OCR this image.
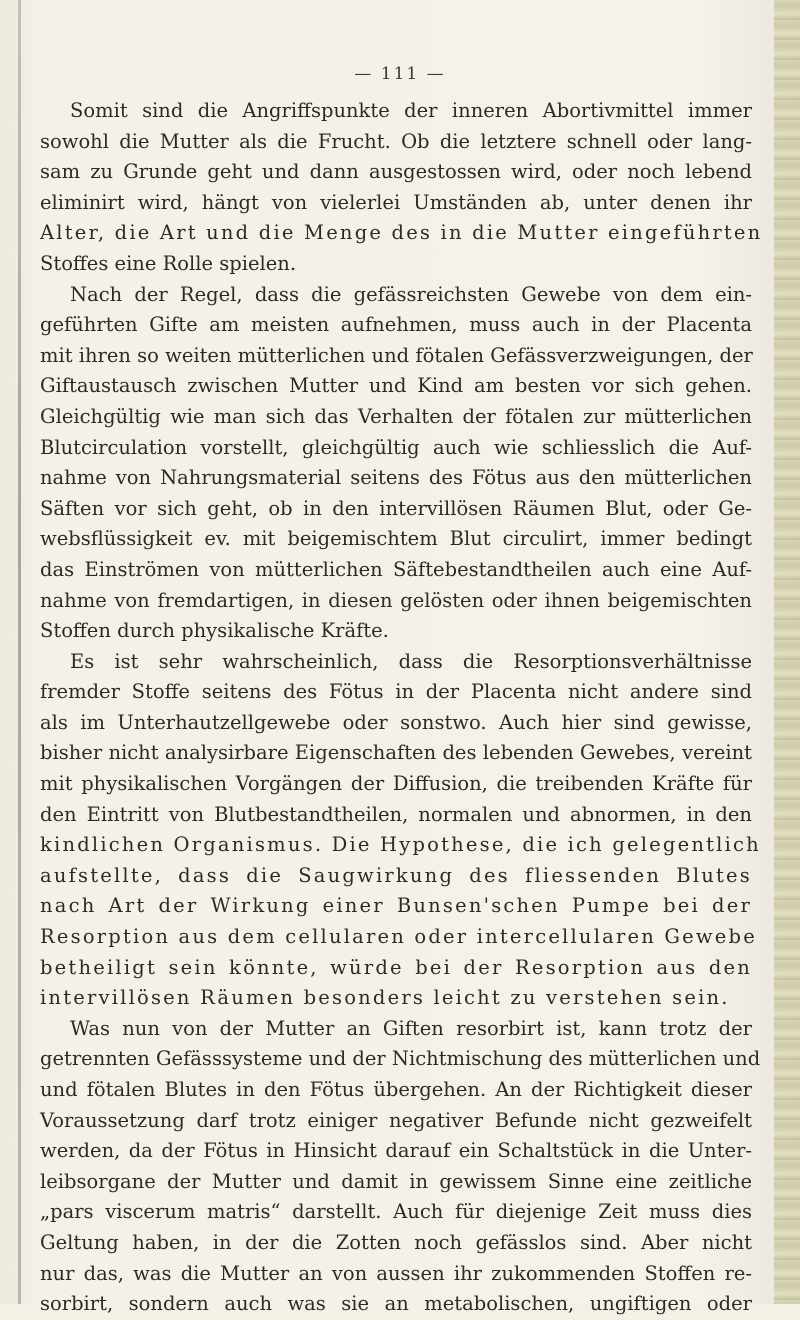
— 111 —
Somit sind die Angriffspunkte der inneren Abortivmittel immer
sowohl die Mutter als die Frucht. Ob die letztere schnell oder lang-
sam zu Grunde geht und dann ausgestossen wird, oder noch lebend
eliminirt wird, hängt von vielerlei Umständen ab, unter denen ihr
Alter, die Art und die Menge des in die Mutter eingeführten
Stoffes eine Rolle spielen.
Nach der Regel, dass die gefässreichsten Gewebe von dem ein-
geführten Gifte am meisten aufnehmen, muss auch in der Placenta
mit ihren so weiten mütterlichen und fötalen Gefässverzweigungen, der
Giftaustausch zwischen Mutter und Kind am besten vor sich gehen.
Gleichgültig wie man sich das Verhalten der fötalen zur mütterlichen
Blutcirculation vorstellt, gleichgültig auch wie schliesslich die Auf-
nahme von Nahrungsmaterial seitens des Fötus aus den mütterlichen
Säften vor sich geht, ob in den intervillösen Räumen Blut, oder Ge-
websflüssigkeit ev. mit beigemischtem Blut circulirt, immer bedingt
das Einströmen von mütterlichen Säftebestandtheilen auch eine Auf-
nahme von fremdartigen, in diesen gelösten oder ihnen beigemischten
Stoffen durch physikalische Kräfte.
Es ist sehr wahrscheinlich, dass die Resorptionsverhältnisse
fremder Stoffe seitens des Fötus in der Placenta nicht andere sind
als im Unterhautzellgewebe oder sonstwo. Auch hier sind gewisse,
bisher nicht analysirbare Eigenschaften des lebenden Gewebes, vereint
mit physikalischen Vorgängen der Diffusion, die treibenden Kräfte für
den Eintritt von Blutbestandtheilen, normalen und abnormen, in den
kindlichen Organismus. Die Hypothese, die ich gelegentlich
aufstellte, dass die Saugwirkung des fliessenden Blutes
nach Art der Wirkung einer Bunsen'schen Pumpe bei der
Resorption aus dem cellularen oder intercellularen Gewebe
betheiligt sein könnte, würde bei der Resorption aus den
intervillösen Räumen besonders leicht zu verstehen sein.
Was nun von der Mutter an Giften resorbirt ist, kann trotz der
getrennten Gefässsysteme und der Nichtmischung des mütterlichen und
und fötalen Blutes in den Fötus übergehen. An der Richtigkeit dieser
Voraussetzung darf trotz einiger negativer Befunde nicht gezweifelt
werden, da der Fötus in Hinsicht darauf ein Schaltstück in die Unter-
leibsorgane der Mutter und damit in gewissem Sinne eine zeitliche
„pars viscerum matris“ darstellt. Auch für diejenige Zeit muss dies
Geltung haben, in der die Zotten noch gefässlos sind. Aber nicht
nur das, was die Mutter an von aussen ihr zukommenden Stoffen re-
sorbirt, sondern auch was sie an metabolischen, ungiftigen oder
